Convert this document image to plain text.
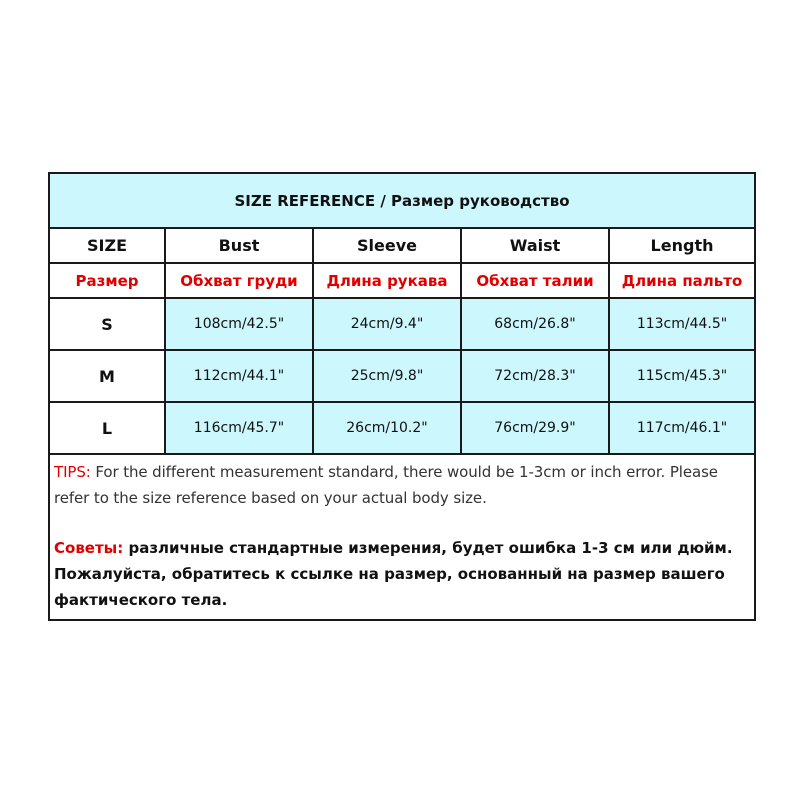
SIZE REFERENCE / Размер руководство				
SIZE	Bust	Sleeve	Waist	Length
Размер	Обхват груди	Длина рукава	Обхват талии	Длина пальто
S	108cm/42.5"	24cm/9.4"	68cm/26.8"	113cm/44.5"
M	112cm/44.1"	25cm/9.8"	72cm/28.3"	115cm/45.3"
L	116cm/45.7"	26cm/10.2"	76cm/29.9"	117cm/46.1"

TIPS: For the different measurement standard, there would be 1-3cm or inch error. Please refer to the size reference based on your actual body size.
Советы: различные стандартные измерения, будет ошибка 1-3 см или дюйм. Пожалуйста, обратитесь к ссылке на размер, основанный на размер вашего фактического тела.				
